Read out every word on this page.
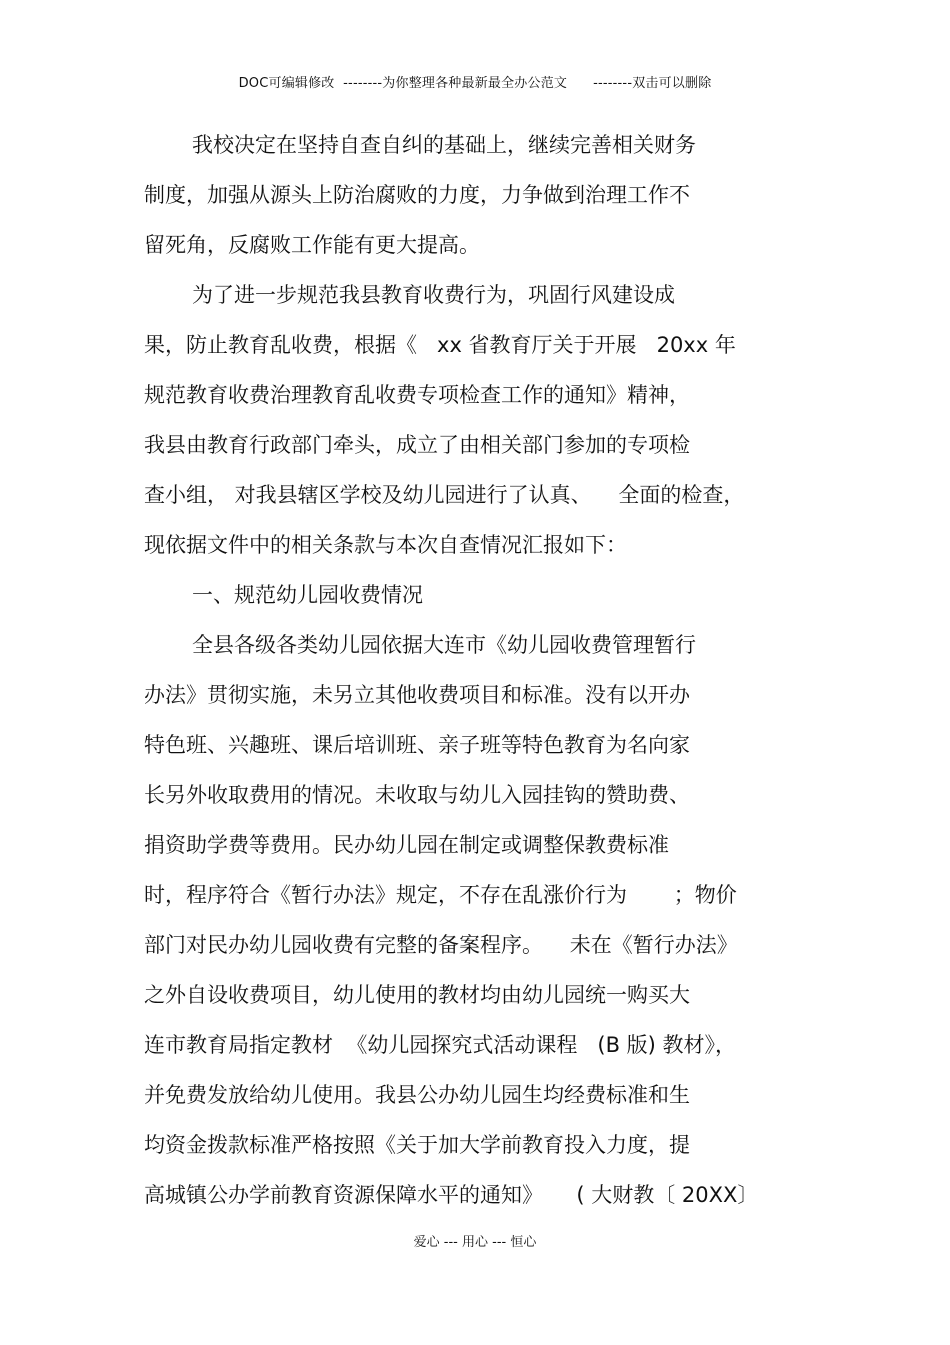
DOC可编辑修改  --------为你整理各种最新最全办公范文      --------双击可以删除
我校决定在坚持自查自纠的基础上，继续完善相关财务
制度，加强从源头上防治腐败的力度，力争做到治理工作不
留死角，反腐败工作能有更大提高。
为了进一步规范我县教育收费行为，巩固行风建设成
果，防止教育乱收费，根据《   xx 省教育厅关于开展   20xx 年
规范教育收费治理教育乱收费专项检查工作的通知》精神，
我县由教育行政部门牵头，成立了由相关部门参加的专项检
查小组， 对我县辖区学校及幼儿园进行了认真、    全面的检查，
现依据文件中的相关条款与本次自查情况汇报如下：
一、规范幼儿园收费情况
全县各级各类幼儿园依据大连市《幼儿园收费管理暂行
办法》贯彻实施，未另立其他收费项目和标准。没有以开办
特色班、兴趣班、课后培训班、亲子班等特色教育为名向家
长另外收取费用的情况。未收取与幼儿入园挂钩的赞助费、
捐资助学费等费用。民办幼儿园在制定或调整保教费标准
时，程序符合《暂行办法》规定，不存在乱涨价行为       ；物价
部门对民办幼儿园收费有完整的备案程序。    未在《暂行办法》
之外自设收费项目，幼儿使用的教材均由幼儿园统一购买大
连市教育局指定教材  《幼儿园探究式活动课程   (B 版) 教材》，
并免费发放给幼儿使用。我县公办幼儿园生均经费标准和生
均资金拨款标准严格按照《关于加大学前教育投入力度，提
高城镇公办学前教育资源保障水平的通知》     ( 大财教〔 20XX〕
爱心 --- 用心 --- 恒心
